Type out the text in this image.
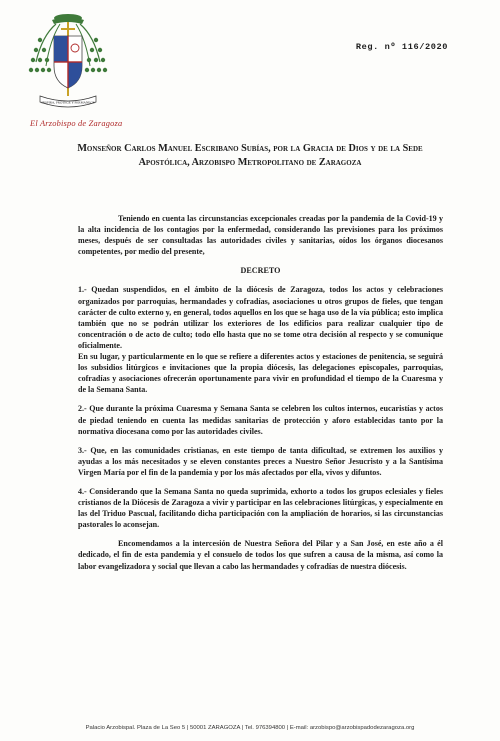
INSPIRA, PROTEGE Y PERMANECE
El Arzobispo de Zaragoza
Reg. nº 116/2020
Monseñor Carlos Manuel Escribano Subías, por la Gracia de Dios y de la Sede Apostólica, Arzobispo Metropolitano de Zaragoza

Teniendo en cuenta las circunstancias excepcionales creadas por la pandemia de la Covid-19 y la alta incidencia de los contagios por la enfermedad, considerando las previsiones para los próximos meses, después de ser consultadas las autoridades civiles y sanitarias, oídos los órganos diocesanos competentes, por medio del presente,

DECRETO

1.- Quedan suspendidos, en el ámbito de la diócesis de Zaragoza, todos los actos y celebraciones organizados por parroquias, hermandades y cofradías, asociaciones u otros grupos de fieles, que tengan carácter de culto externo y, en general, todos aquellos en los que se haga uso de la vía pública; esto implica también que no se podrán utilizar los exteriores de los edificios para realizar cualquier tipo de concentración o de acto de culto; todo ello hasta que no se tome otra decisión al respecto y se comunique oficialmente.

En su lugar, y particularmente en lo que se refiere a diferentes actos y estaciones de penitencia, se seguirá los subsidios litúrgicos e invitaciones que la propia diócesis, las delegaciones episcopales, parroquias, cofradías y asociaciones ofrecerán oportunamente para vivir en profundidad el tiempo de la Cuaresma y de la Semana Santa.

2.- Que durante la próxima Cuaresma y Semana Santa se celebren los cultos internos, eucaristías y actos de piedad teniendo en cuenta las medidas sanitarias de protección y aforo establecidas tanto por la normativa diocesana como por las autoridades civiles.

3.- Que, en las comunidades cristianas, en este tiempo de tanta dificultad, se extremen los auxilios y ayudas a los más necesitados y se eleven constantes preces a Nuestro Señor Jesucristo y a la Santísima Virgen María por el fin de la pandemia y por los más afectados por ella, vivos y difuntos.

4.- Considerando que la Semana Santa no queda suprimida, exhorto a todos los grupos eclesiales y fieles cristianos de la Diócesis de Zaragoza a vivir y participar en las celebraciones litúrgicas, y especialmente en las del Triduo Pascual, facilitando dicha participación con la ampliación de horarios, si las circunstancias pastorales lo aconsejan.

Encomendamos a la intercesión de Nuestra Señora del Pilar y a San José, en este año a él dedicado, el fin de esta pandemia y el consuelo de todos los que sufren a causa de la misma, así como la labor evangelizadora y social que llevan a cabo las hermandades y cofradías de nuestra diócesis.

Palacio Arzobispal. Plaza de La Seo 5 | 50001 ZARAGOZA | Tel. 976394800 | E-mail: arzobispo@arzobispadodezaragoza.org
